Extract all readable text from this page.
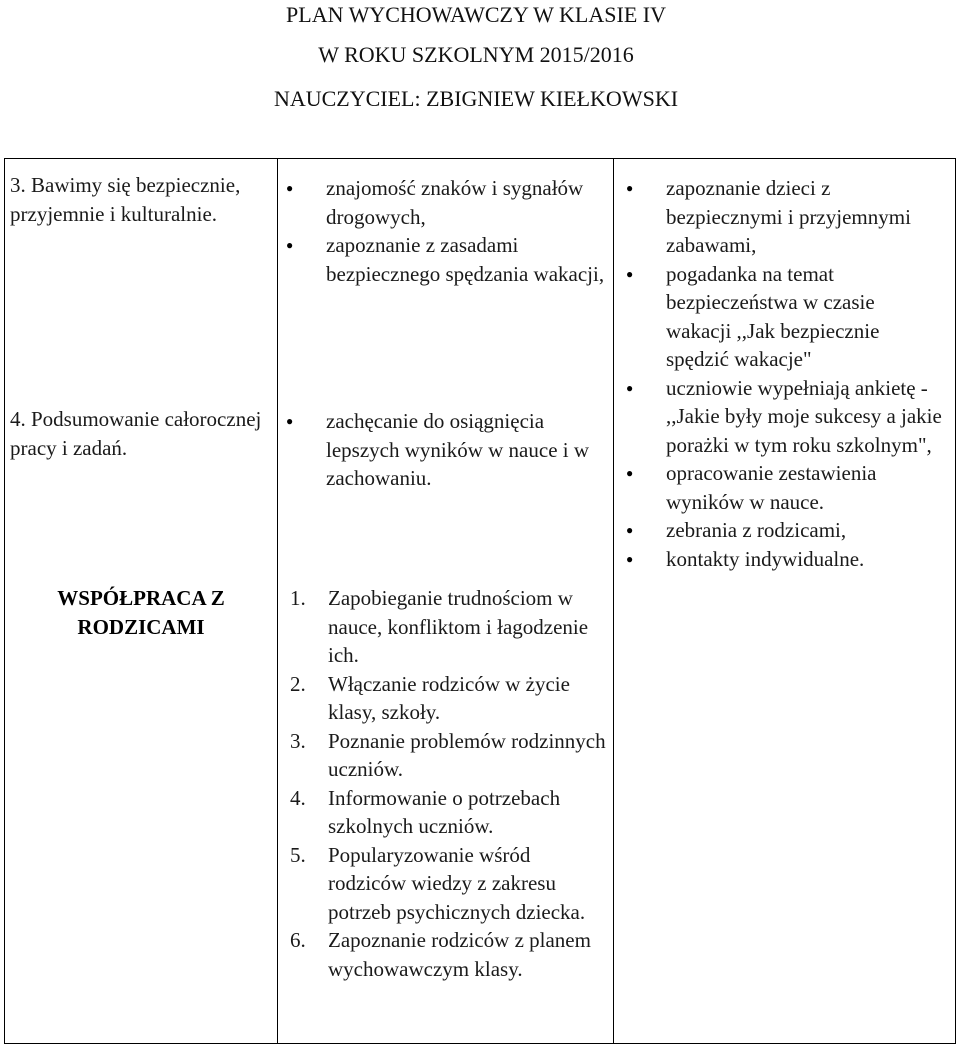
PLAN WYCHOWAWCZY W KLASIE IV
W ROKU SZKOLNYM 2015/2016
NAUCZYCIEL: ZBIGNIEW KIEŁKOWSKI
3. Bawimy się bezpiecznie, przyjemnie i kulturalnie.
4. Podsumowanie całorocznej pracy i zadań.
WSPÓŁPRACA Z RODZICAMI
● znajomość znaków i sygnałów drogowych,
● zapoznanie z zasadami bezpiecznego spędzania wakacji,
● zachęcanie do osiągnięcia lepszych wyników w nauce i w zachowaniu.
1. Zapobieganie trudnościom w nauce, konfliktom i łagodzenie ich.
2. Włączanie rodziców w życie klasy, szkoły.
3. Poznanie problemów rodzinnych uczniów.
4. Informowanie o potrzebach szkolnych uczniów.
5. Popularyzowanie wśród rodziców wiedzy z zakresu potrzeb psychicznych dziecka.
6. Zapoznanie rodziców z planem wychowawczym klasy.
● zapoznanie dzieci z bezpiecznymi i przyjemnymi zabawami,
● pogadanka na temat bezpieczeństwa w czasie wakacji ,,Jak bezpiecznie spędzić wakacje"
● uczniowie wypełniają ankietę - ,,Jakie były moje sukcesy a jakie porażki w tym roku szkolnym",
● opracowanie zestawienia wyników w nauce.
● zebrania z rodzicami,
● kontakty indywidualne.
